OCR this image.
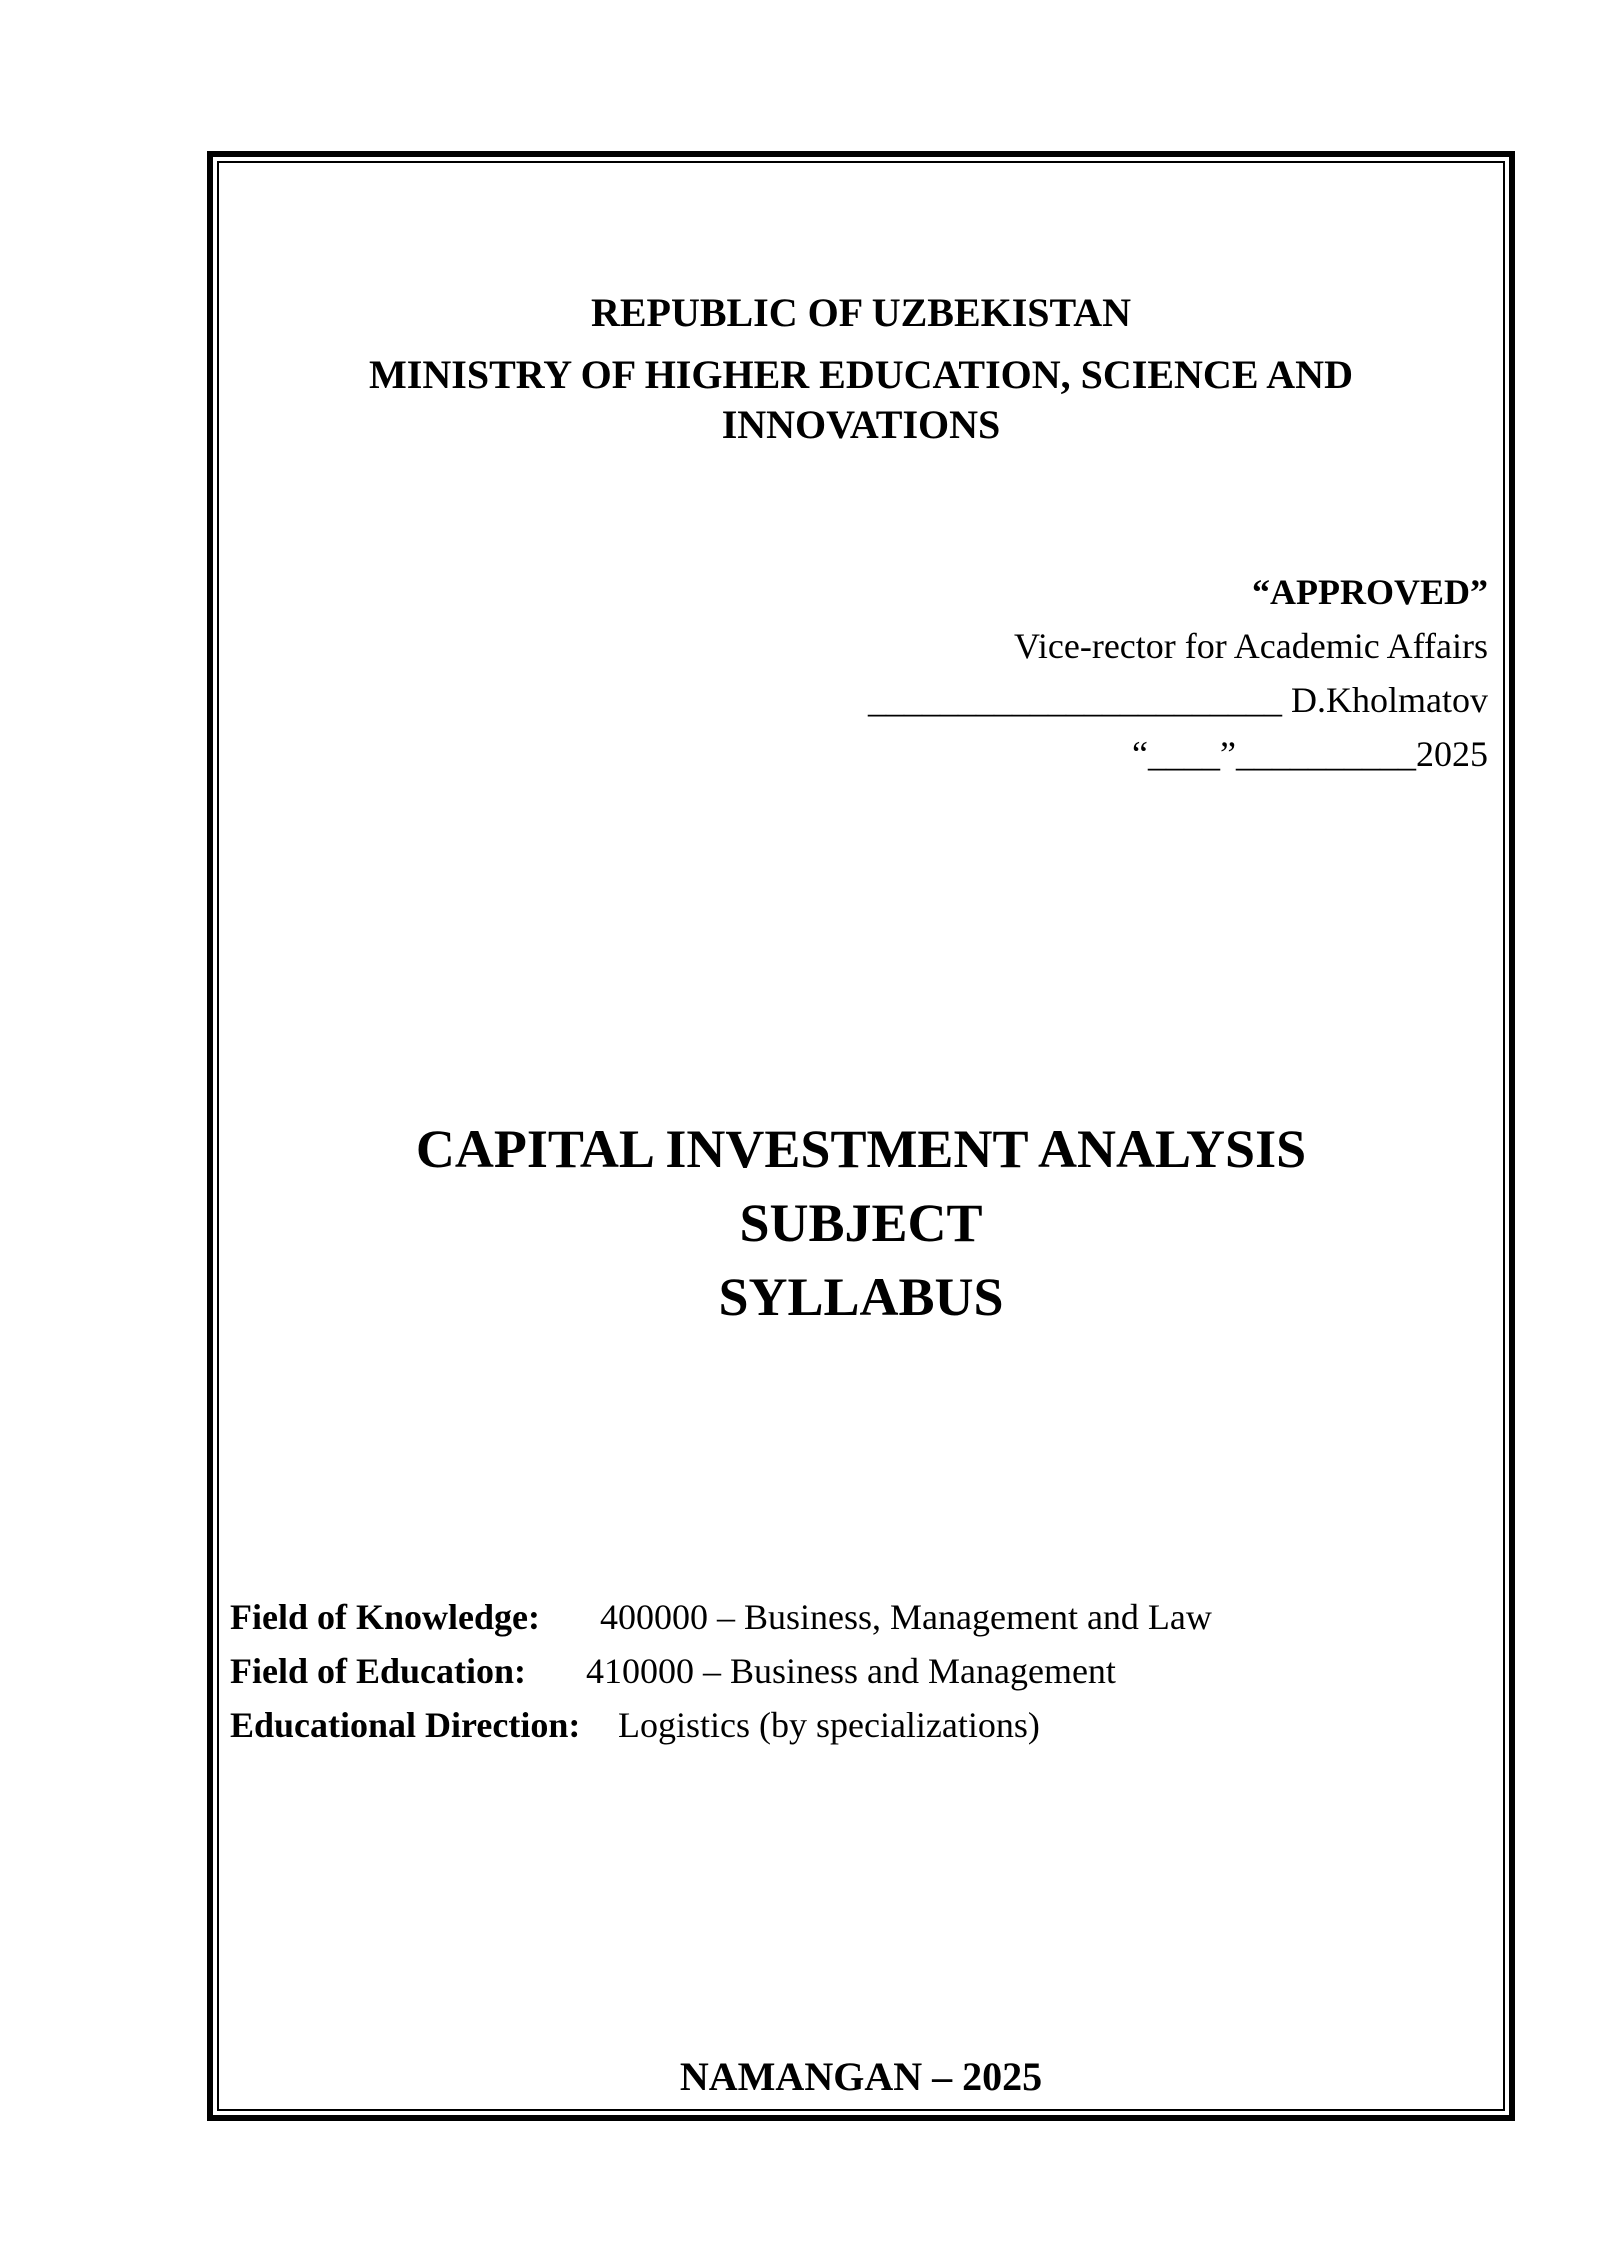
REPUBLIC OF UZBEKISTAN
MINISTRY OF HIGHER EDUCATION, SCIENCE AND
INNOVATIONS
“APPROVED”
Vice-rector for Academic Affairs
_______________________ D.Kholmatov
“____”__________2025
CAPITAL INVESTMENT ANALYSIS
SUBJECT
SYLLABUS
Field of Knowledge: 400000 – Business, Management and Law
Field of Education: 410000 – Business and Management
Educational Direction: Logistics (by specializations)
NAMANGAN – 2025
